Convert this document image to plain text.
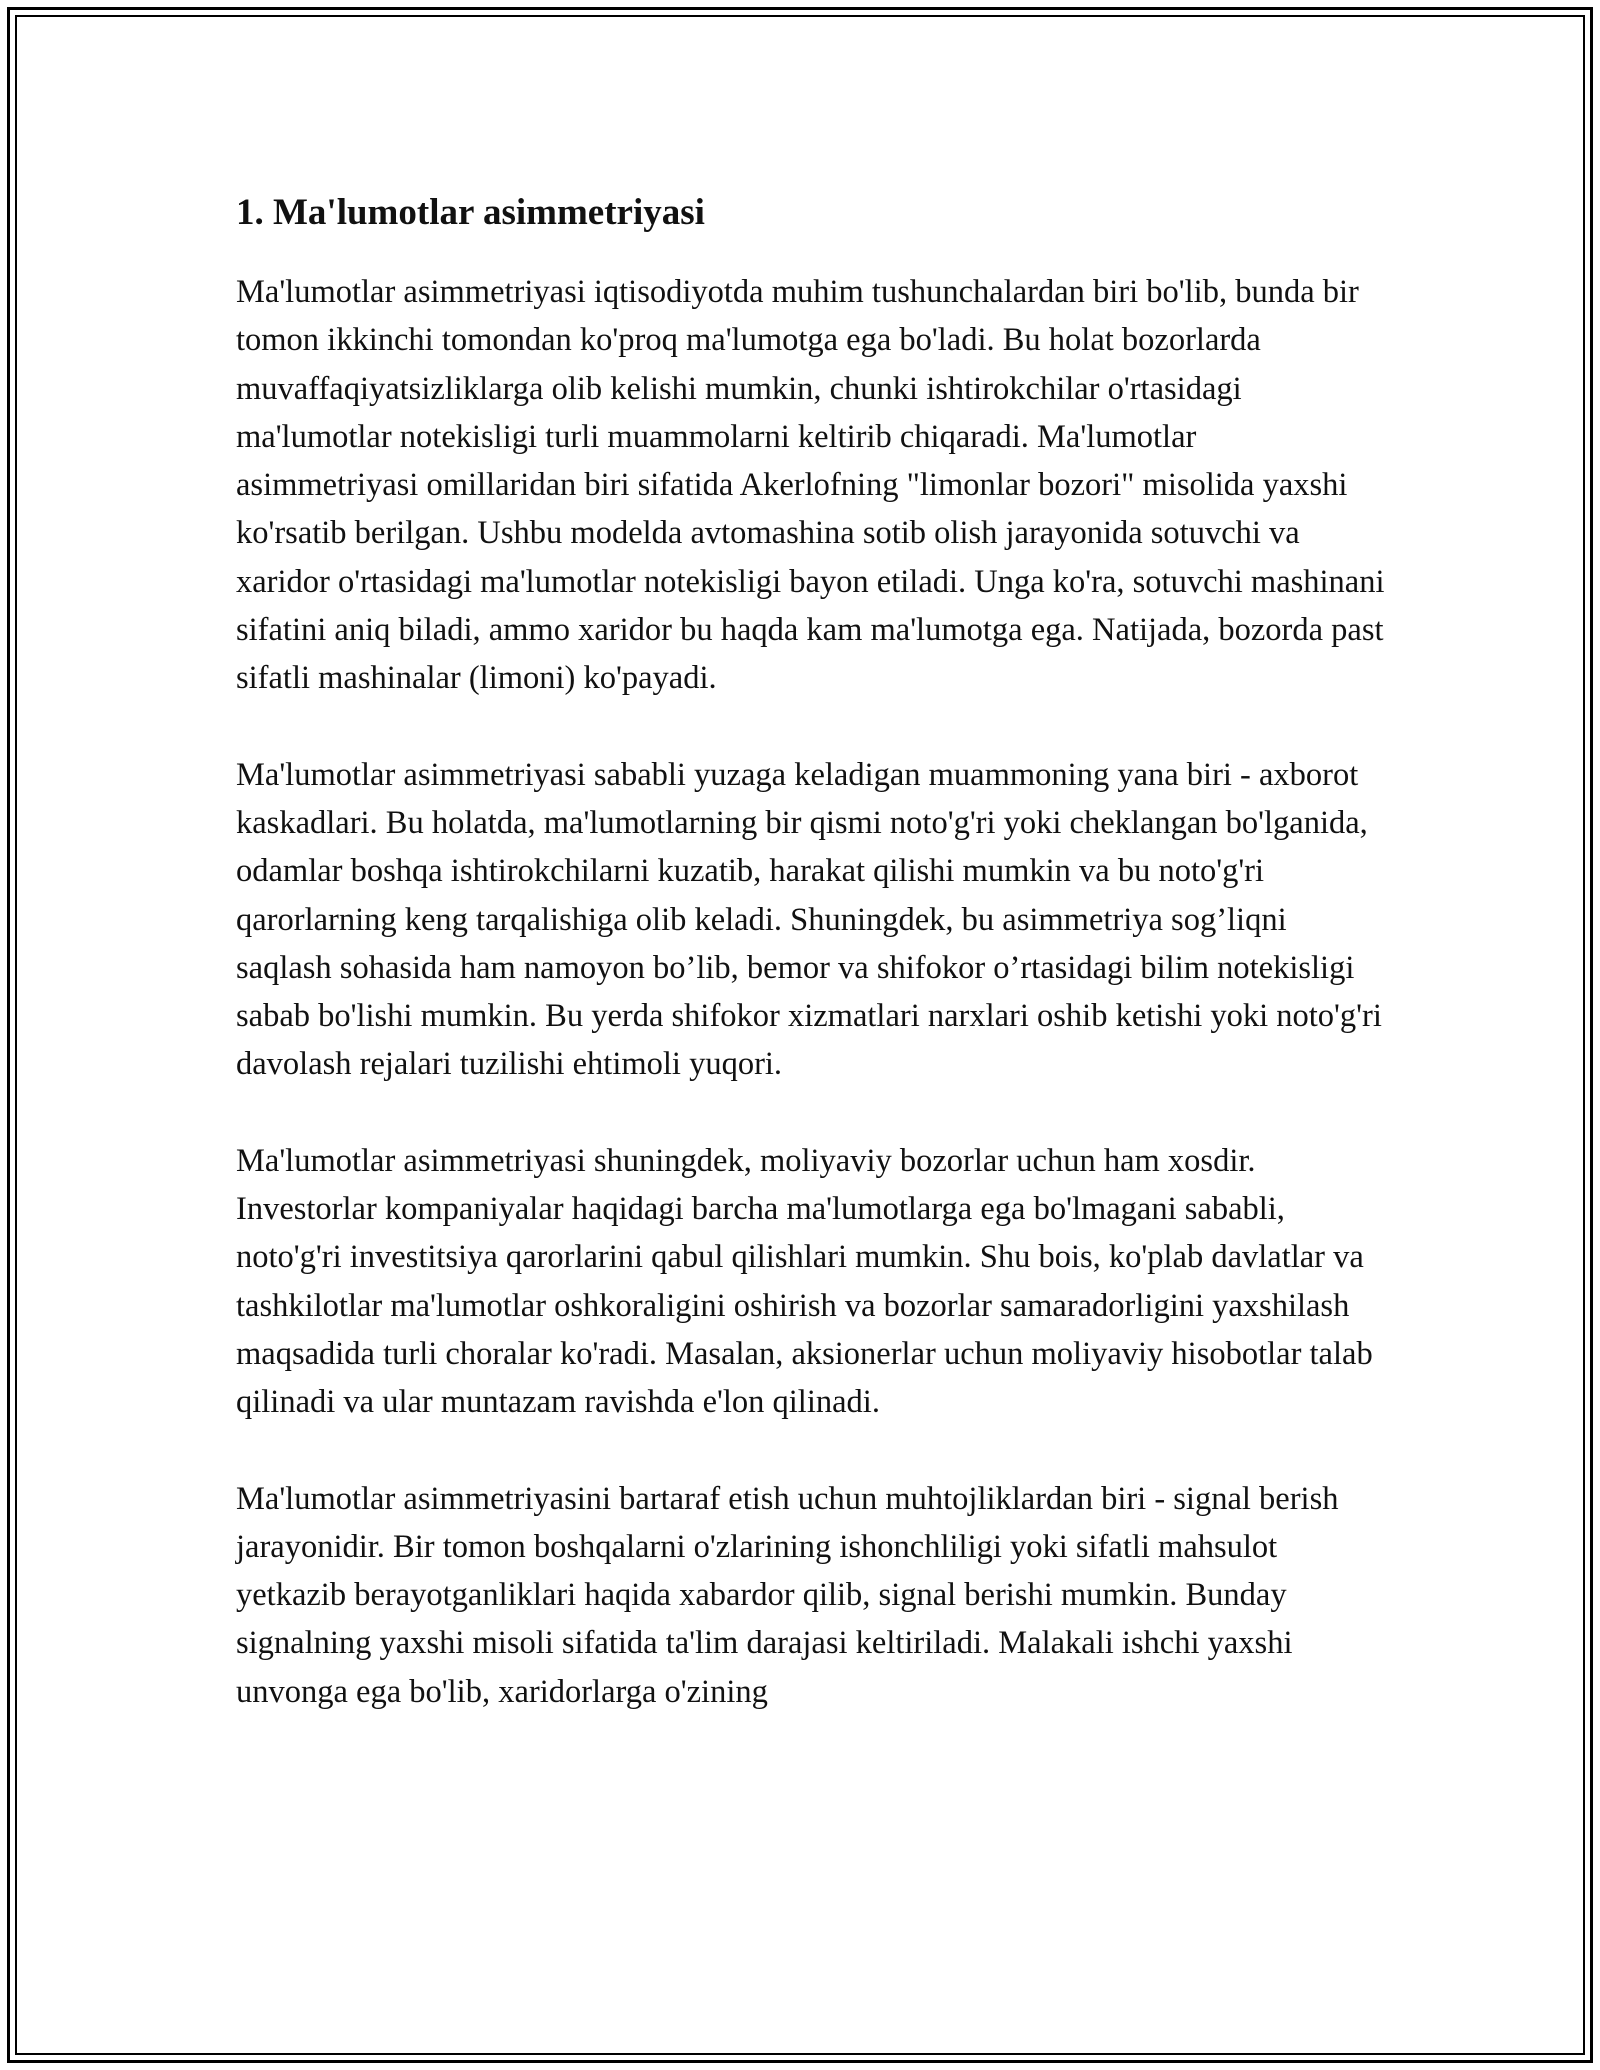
1. Ma'lumotlar asimmetriyasi

Ma'lumotlar asimmetriyasi iqtisodiyotda muhim tushunchalardan biri bo'lib, bunda bir tomon ikkinchi tomondan ko'proq ma'lumotga ega bo'ladi. Bu holat bozorlarda muvaffaqiyatsizliklarga olib kelishi mumkin, chunki ishtirokchilar o'rtasidagi ma'lumotlar notekisligi turli muammolarni keltirib chiqaradi. Ma'lumotlar asimmetriyasi omillaridan biri sifatida Akerlofning "limonlar bozori" misolida yaxshi ko'rsatib berilgan. Ushbu modelda avtomashina sotib olish jarayonida sotuvchi va xaridor o'rtasidagi ma'lumotlar notekisligi bayon etiladi. Unga ko'ra, sotuvchi mashinani sifatini aniq biladi, ammo xaridor bu haqda kam ma'lumotga ega. Natijada, bozorda past sifatli mashinalar (limoni) ko'payadi.

Ma'lumotlar asimmetriyasi sababli yuzaga keladigan muammoning yana biri - axborot kaskadlari. Bu holatda, ma'lumotlarning bir qismi noto'g'ri yoki cheklangan bo'lganida, odamlar boshqa ishtirokchilarni kuzatib, harakat qilishi mumkin va bu noto'g'ri qarorlarning keng tarqalishiga olib keladi. Shuningdek, bu asimmetriya sog’liqni saqlash sohasida ham namoyon bo’lib, bemor va shifokor o’rtasidagi bilim notekisligi sabab bo'lishi mumkin. Bu yerda shifokor xizmatlari narxlari oshib ketishi yoki noto'g'ri davolash rejalari tuzilishi ehtimoli yuqori.

Ma'lumotlar asimmetriyasi shuningdek, moliyaviy bozorlar uchun ham xosdir. Investorlar kompaniyalar haqidagi barcha ma'lumotlarga ega bo'lmagani sababli, noto'g'ri investitsiya qarorlarini qabul qilishlari mumkin. Shu bois, ko'plab davlatlar va tashkilotlar ma'lumotlar oshkoraligini oshirish va bozorlar samaradorligini yaxshilash maqsadida turli choralar ko'radi. Masalan, aksionerlar uchun moliyaviy hisobotlar talab qilinadi va ular muntazam ravishda e'lon qilinadi.

Ma'lumotlar asimmetriyasini bartaraf etish uchun muhtojliklardan biri - signal berish jarayonidir. Bir tomon boshqalarni o'zlarining ishonchliligi yoki sifatli mahsulot yetkazib berayotganliklari haqida xabardor qilib, signal berishi mumkin. Bunday signalning yaxshi misoli sifatida ta'lim darajasi keltiriladi. Malakali ishchi yaxshi unvonga ega bo'lib, xaridorlarga o'zining
